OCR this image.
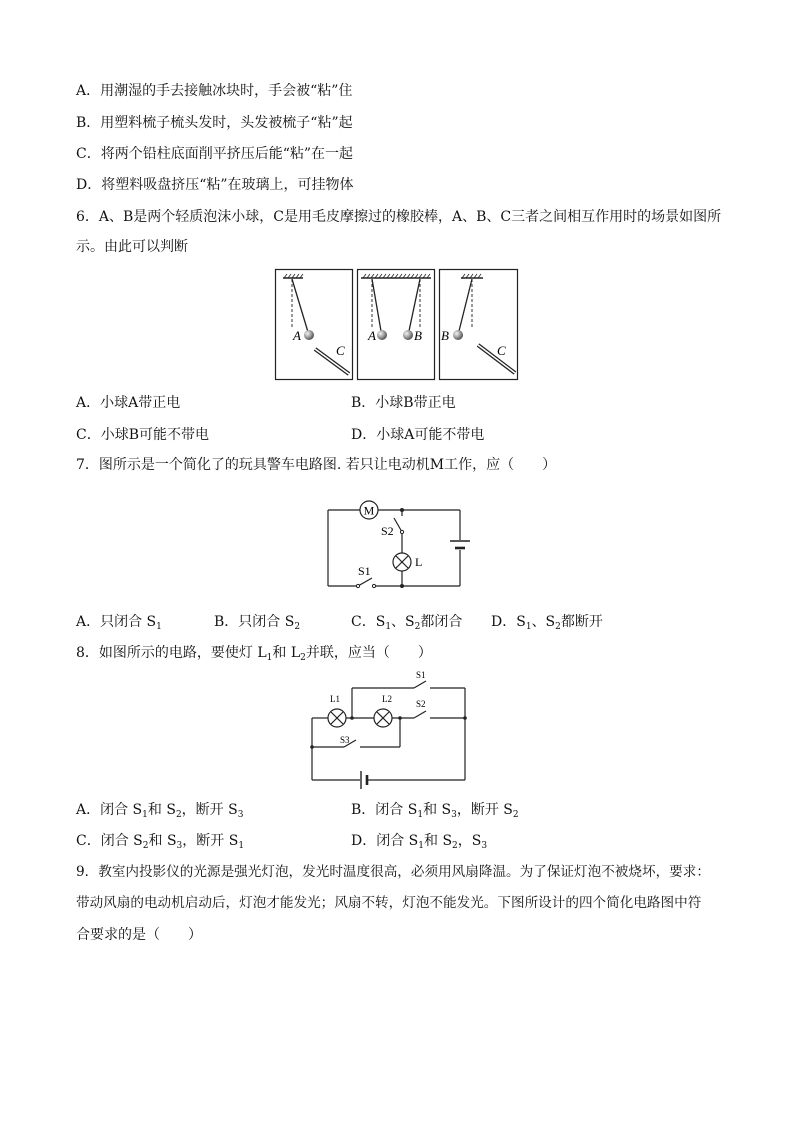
A．用潮湿的手去接触冰块时，手会被“粘”住
B．用塑料梳子梳头发时，头发被梳子“粘”起
C．将两个铅柱底面削平挤压后能“粘”在一起
D．将塑料吸盘挤压“粘”在玻璃上，可挂物体
6．A、B是两个轻质泡沫小球，C是用毛皮摩擦过的橡胶棒，A、B、C三者之间相互作用时的场景如图所
示。由此可以判断
A
C
A	B B
C
A．小球A带正电	B．小球B带正电
C．小球B可能不带电	D．小球A可能不带电
7．图所示是一个简化了的玩具警车电路图. 若只让电动机M工作，应（　　）
M
S2
L
S1
A．只闭合 $S_1$	B．只闭合 $S_2$	C．$S_1$、$S_2$都闭合 D．$S_1$、$S_2$都断开
8．如图所示的电路，要使灯 $L_1$和 $L_2$并联，应当（　　）
S1
L1	L2	S2
S3
A．闭合 $S_1$和 $S_2$，断开 $S_3$	B．闭合 $S_1$和 $S_3$，断开 $S_2$
C．闭合 $S_2$和 $S_3$，断开 $S_1$	D．闭合 $S_1$和 $S_2$，$S_3$
9．教室内投影仪的光源是强光灯泡，发光时温度很高，必须用风扇降温。为了保证灯泡不被烧坏，要求：
带动风扇的电动机启动后，灯泡才能发光；风扇不转，灯泡不能发光。下图所设计的四个简化电路图中符
合要求的是（　　）
